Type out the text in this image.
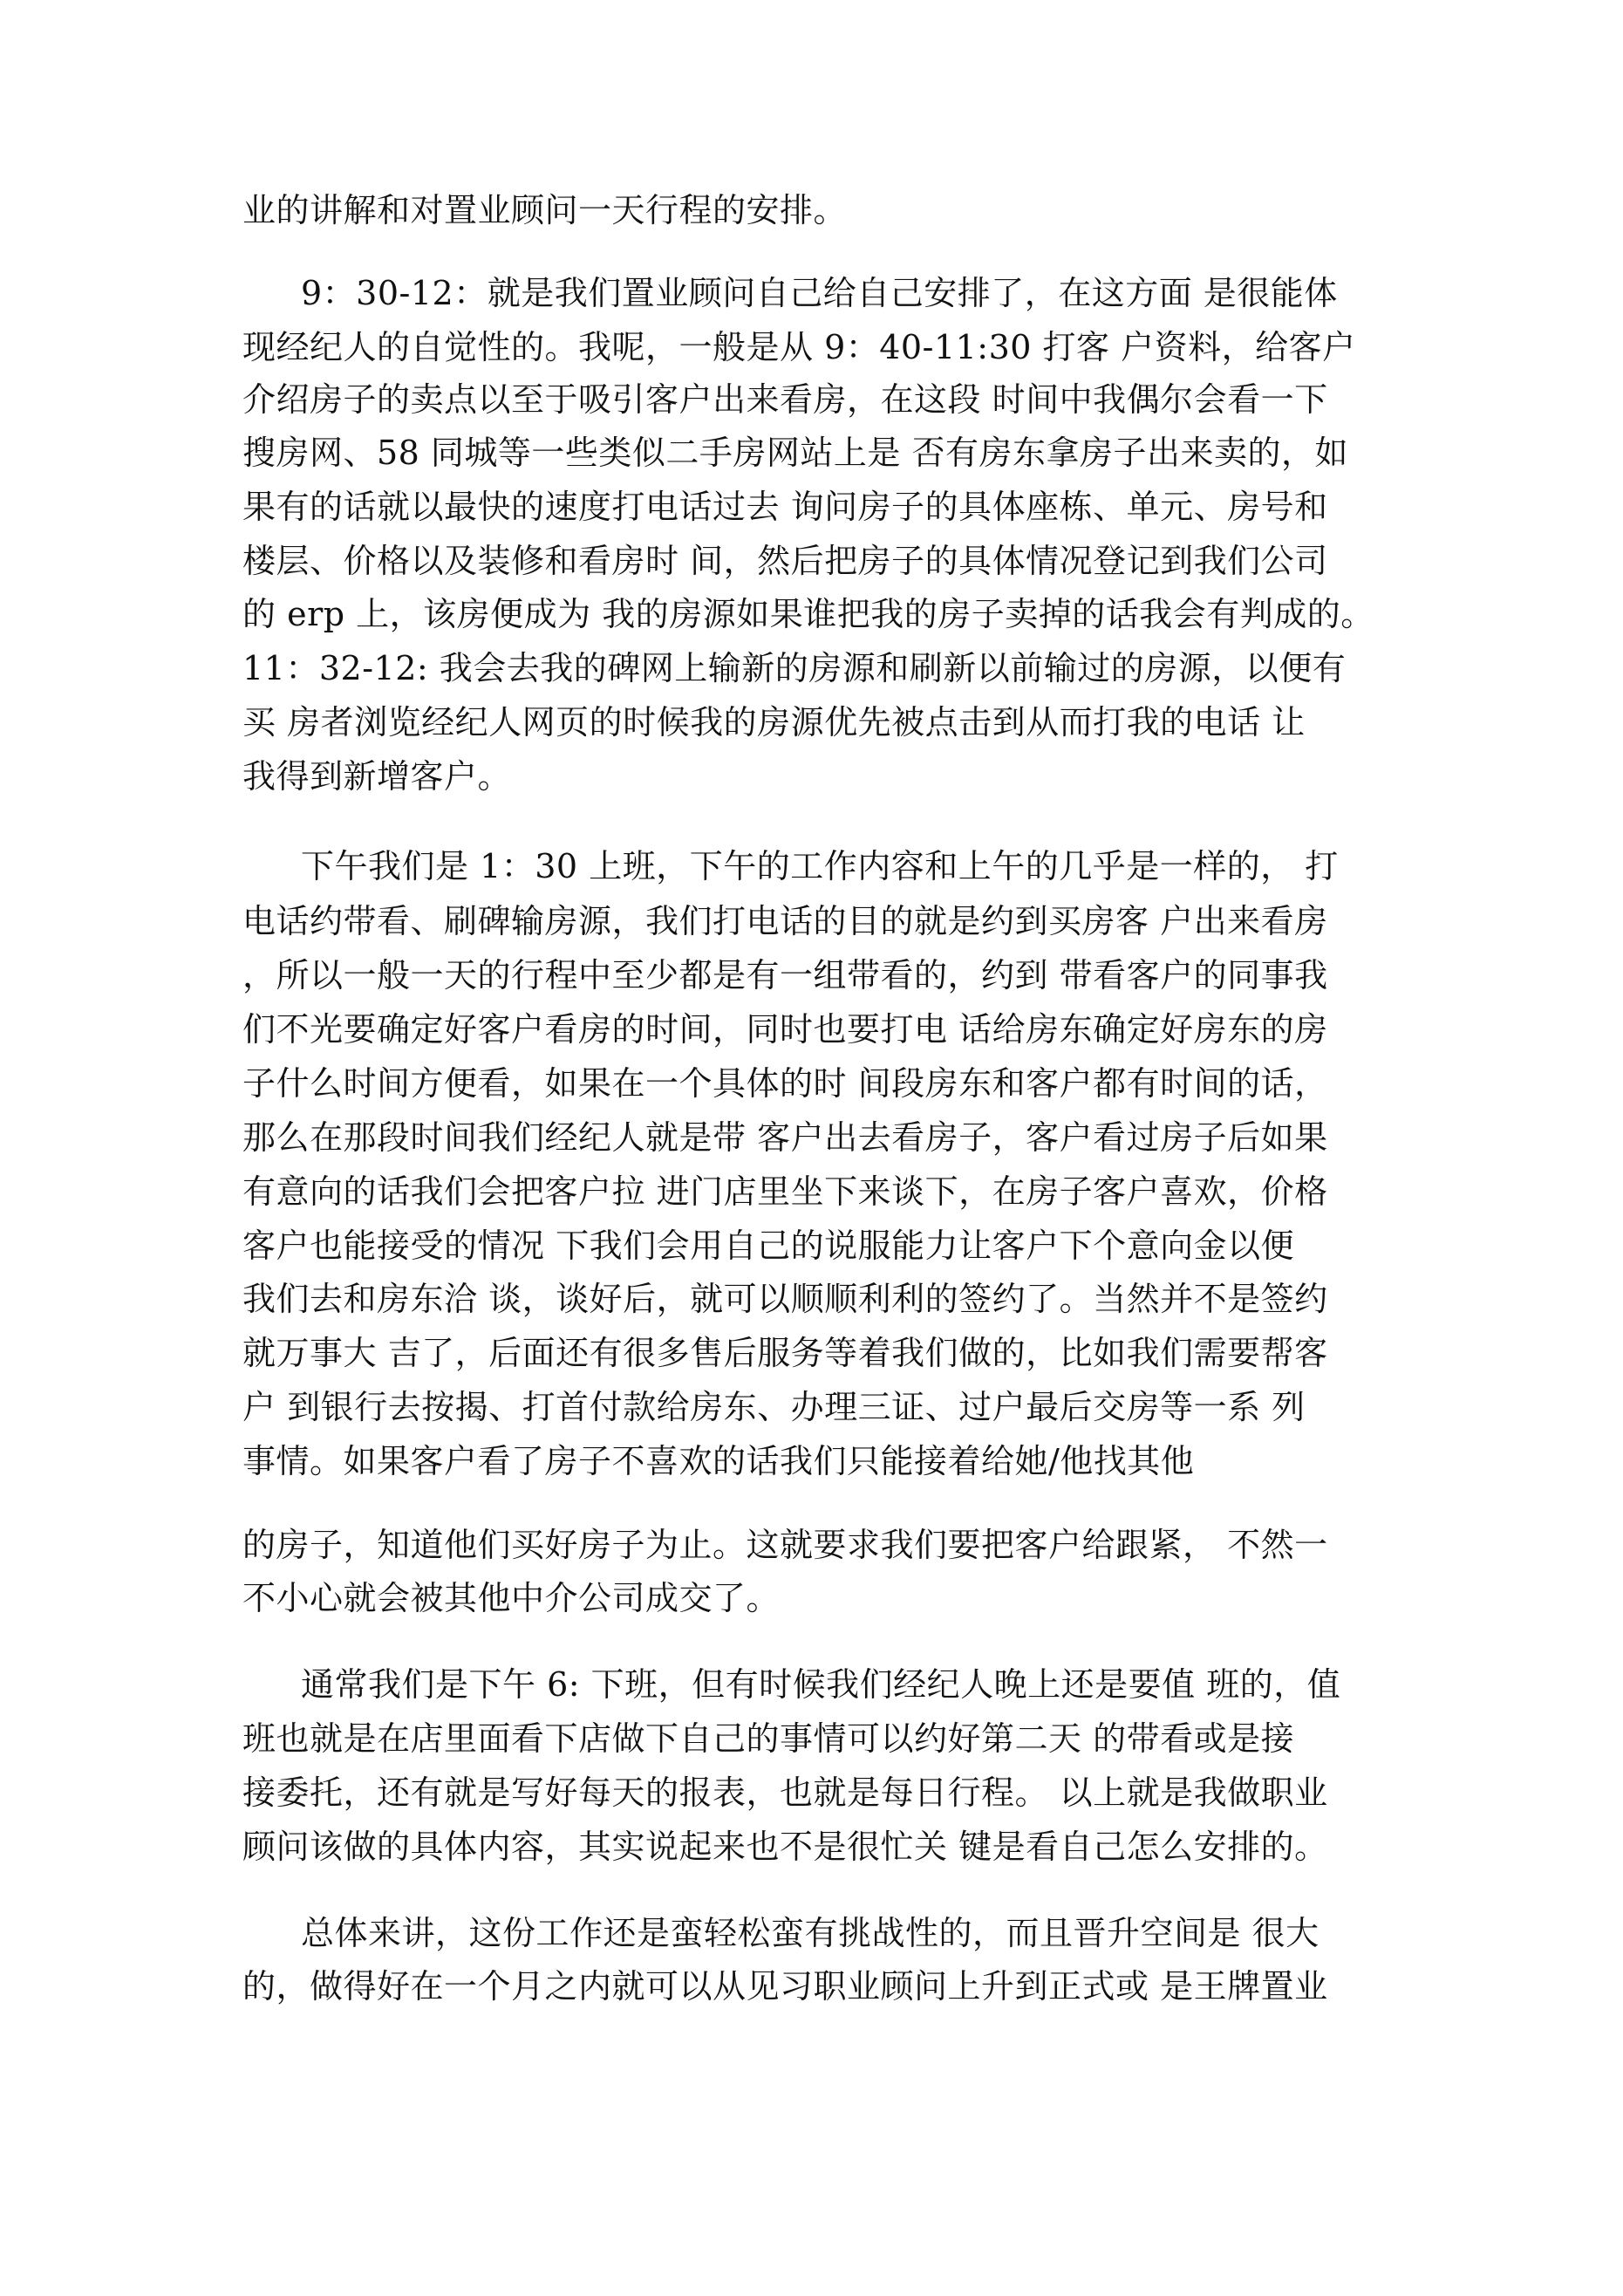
业的讲解和对置业顾问一天行程的安排。
9：30-12：就是我们置业顾问自己给自己安排了，在这方面 是很能体
现经纪人的自觉性的。我呢，一般是从 9：40-11:30 打客 户资料，给客户
介绍房子的卖点以至于吸引客户出来看房，在这段 时间中我偶尔会看一下
搜房网、58 同城等一些类似二手房网站上是 否有房东拿房子出来卖的，如
果有的话就以最快的速度打电话过去 询问房子的具体座栋、单元、房号和
楼层、价格以及装修和看房时 间，然后把房子的具体情况登记到我们公司
的 erp 上，该房便成为 我的房源如果谁把我的房子卖掉的话我会有判成的。
11：32-12: 我会去我的碑网上输新的房源和刷新以前输过的房源，以便有
买 房者浏览经纪人网页的时候我的房源优先被点击到从而打我的电话 让
我得到新增客户。
下午我们是 1：30 上班，下午的工作内容和上午的几乎是一样的， 打
电话约带看、刷碑输房源，我们打电话的目的就是约到买房客 户出来看房
，所以一般一天的行程中至少都是有一组带看的，约到 带看客户的同事我
们不光要确定好客户看房的时间，同时也要打电 话给房东确定好房东的房
子什么时间方便看，如果在一个具体的时 间段房东和客户都有时间的话，
那么在那段时间我们经纪人就是带 客户出去看房子，客户看过房子后如果
有意向的话我们会把客户拉 进门店里坐下来谈下，在房子客户喜欢，价格
客户也能接受的情况 下我们会用自己的说服能力让客户下个意向金以便
我们去和房东洽 谈，谈好后，就可以顺顺利利的签约了。当然并不是签约
就万事大 吉了，后面还有很多售后服务等着我们做的，比如我们需要帮客
户 到银行去按揭、打首付款给房东、办理三证、过户最后交房等一系 列
事情。如果客户看了房子不喜欢的话我们只能接着给她/他找其他
的房子，知道他们买好房子为止。这就要求我们要把客户给跟紧， 不然一
不小心就会被其他中介公司成交了。
通常我们是下午 6: 下班，但有时候我们经纪人晚上还是要值 班的，值
班也就是在店里面看下店做下自己的事情可以约好第二天 的带看或是接
接委托，还有就是写好每天的报表，也就是每日行程。 以上就是我做职业
顾问该做的具体内容，其实说起来也不是很忙关 键是看自己怎么安排的。
总体来讲，这份工作还是蛮轻松蛮有挑战性的，而且晋升空间是 很大
的，做得好在一个月之内就可以从见习职业顾问上升到正式或 是王牌置业
